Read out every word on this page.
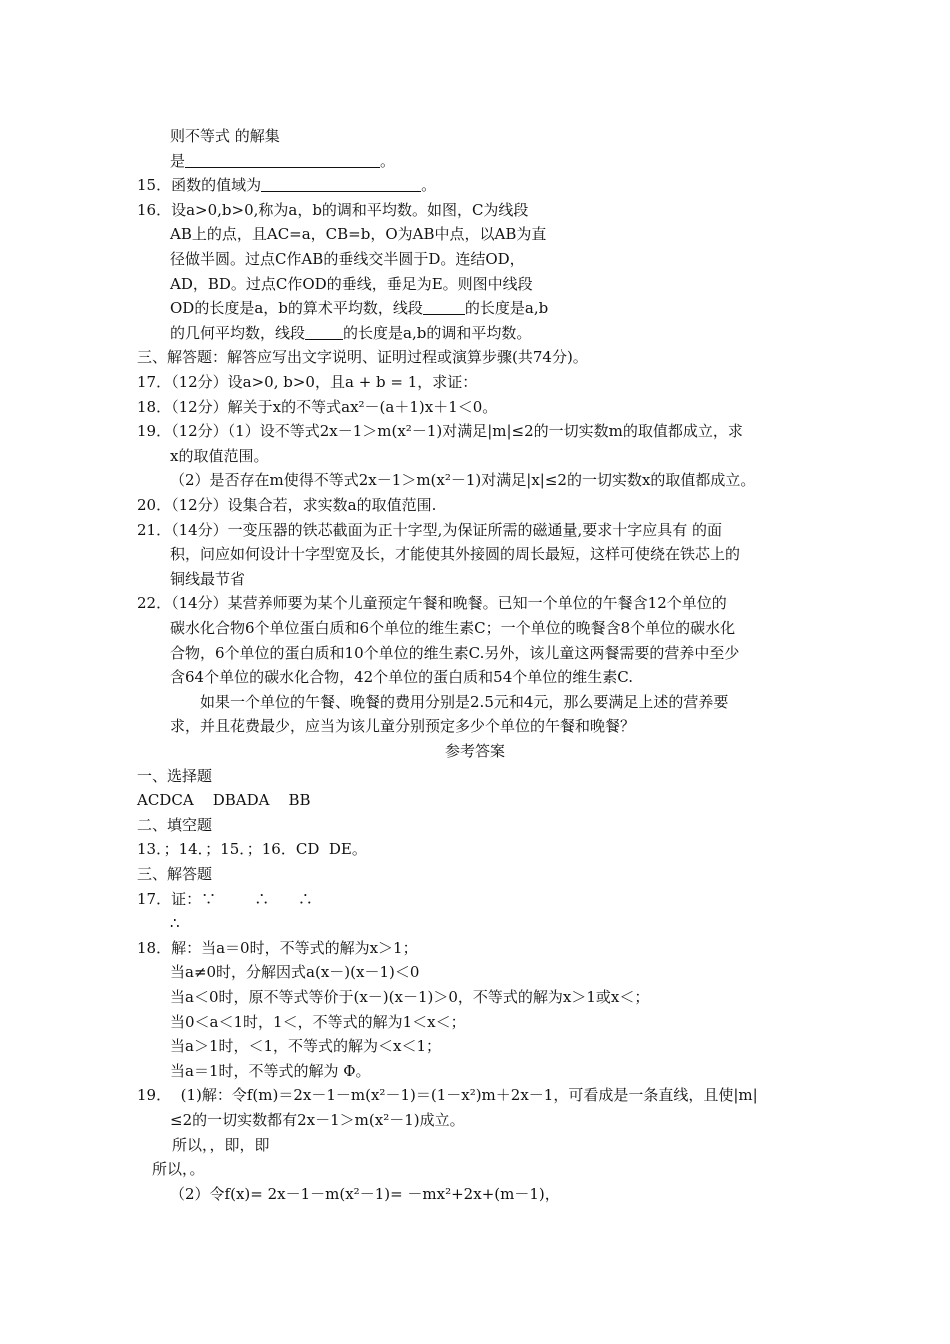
则不等式 的解集
是	。
15．函数的值域为	。
16．设a>0,b>0,称为a，b的调和平均数。如图，C为线段
AB上的点，且AC=a，CB=b，O为AB中点，以AB为直
径做半圆。过点C作AB的垂线交半圆于D。连结OD，
AD，BD。过点C作OD的垂线，垂足为E。则图中线段
OD的长度是a，b的算术平均数，线段	的长度是a,b
的几何平均数，线段	的长度是a,b的调和平均数。
三、解答题：解答应写出文字说明、证明过程或演算步骤(共74分)。
17．（12分）设a>0, b>0，且a + b = 1，求证：
18．（12分）解关于x的不等式ax²－(a＋1)x＋1＜0。
19．（12分）（1）设不等式2x－1＞m(x²－1)对满足|m|≤2的一切实数m的取值都成立，求
x的取值范围。
（2）是否存在m使得不等式2x－1＞m(x²－1)对满足|x|≤2的一切实数x的取值都成立。
20．（12分）设集合若，求实数a的取值范围.
21．（14分）一变压器的铁芯截面为正十字型,为保证所需的磁通量,要求十字应具有 的面
积，问应如何设计十字型宽及长，才能使其外接圆的周长最短，这样可使绕在铁芯上的
铜线最节省
22．（14分）某营养师要为某个儿童预定午餐和晚餐。已知一个单位的午餐含12个单位的
碳水化合物6个单位蛋白质和6个单位的维生素C；一个单位的晚餐含8个单位的碳水化
合物，6个单位的蛋白质和10个单位的维生素C.另外，该儿童这两餐需要的营养中至少
含64个单位的碳水化合物，42个单位的蛋白质和54个单位的维生素C.
如果一个单位的午餐、晚餐的费用分别是2.5元和4元，那么要满足上述的营养要
求，并且花费最少，应当为该儿童分别预定多少个单位的午餐和晚餐？
参考答案
一、选择题
ACDCA    DBADA    BB
二、填空题
13．；14．；15．；16．CD  DE。
三、解答题
17．证：∵        ∴      ∴
∴
18．解：当a＝0时，不等式的解为x＞1；
当a≠0时，分解因式a(x－)(x－1)＜0
当a＜0时，原不等式等价于(x－)(x－1)＞0，不等式的解为x＞1或x＜；
当0＜a＜1时，1＜，不等式的解为1＜x＜；
当a＞1时，＜1，不等式的解为＜x＜1；
当a＝1时，不等式的解为 Φ。
19．  (1)解：令f(m)＝2x－1－m(x²－1)＝(1－x²)m＋2x－1，可看成是一条直线，且使|m|
≤2的一切实数都有2x－1＞m(x²－1)成立。
所以，，即，即
所以，。
（2）令f(x)= 2x－1－m(x²－1)= －mx²+2x+(m－1)，
